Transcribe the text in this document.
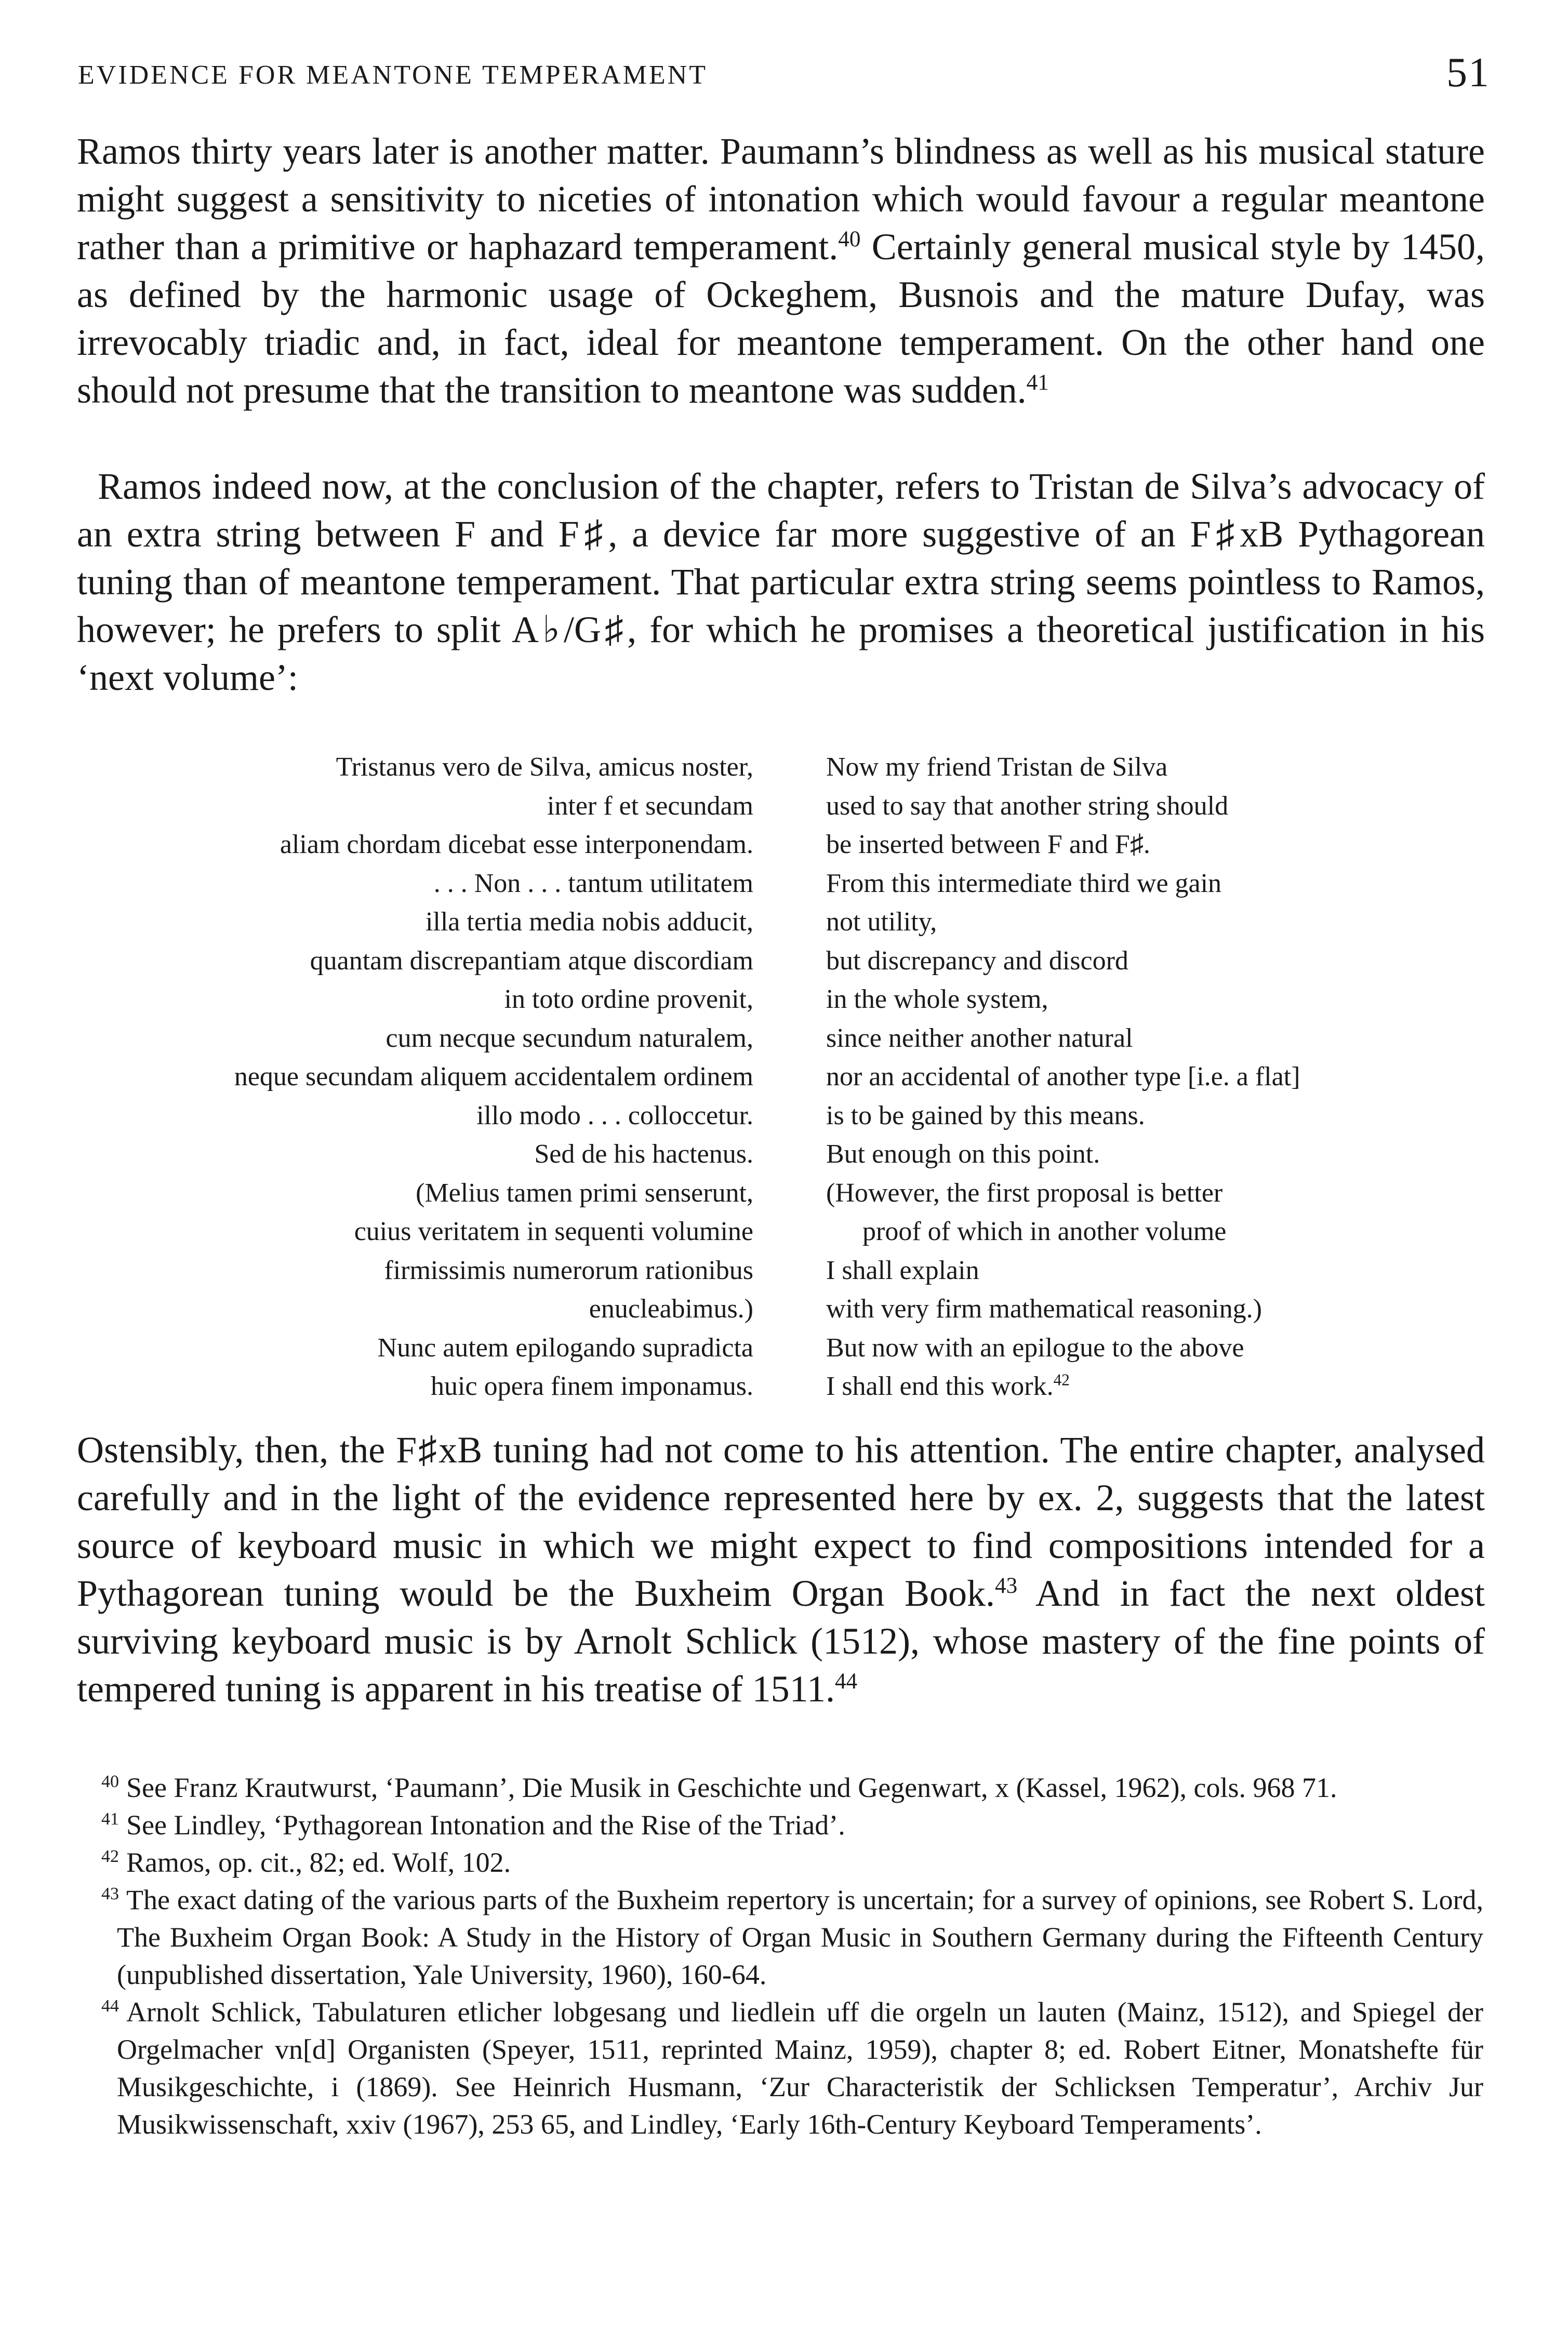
EVIDENCE FOR MEANTONE TEMPERAMENT	51

Ramos thirty years later is another matter. Paumann’s blindness as well as his musical stature might suggest a sensitivity to niceties of intonation which would favour a regular meantone rather than a primitive or haphazard temperament.$^{40}$ Certainly general musical style by 1450, as defined by the harmonic usage of Ockeghem, Busnois and the mature Dufay, was irrevocably triadic and, in fact, ideal for meantone temperament. On the other hand one should not presume that the transition to meantone was sudden.$^{41}$

Ramos indeed now, at the conclusion of the chapter, refers to Tristan de Silva’s advocacy of an extra string between F and F♯, a device far more suggestive of an F♯xB Pythagorean tuning than of meantone temperament. That particular extra string seems pointless to Ramos, however; he prefers to split A♭/G♯, for which he promises a theoretical justification in his ‘next volume’:

Tristanus vero de Silva, amicus noster,
inter f et secundam
aliam chordam dicebat esse interponendam.
. . . Non . . . tantum utilitatem
illa tertia media nobis adducit,
quantam discrepantiam atque discordiam
in toto ordine provenit,
cum necque secundum naturalem,
neque secundam aliquem accidentalem ordinem
illo modo . . . colloccetur.
Sed de his hactenus.
(Melius tamen primi senserunt,
cuius veritatem in sequenti volumine
firmissimis numerorum rationibus
enucleabimus.)
Nunc autem epilogando supradicta
huic opera finem imponamus.
Now my friend Tristan de Silva
used to say that another string should
be inserted between F and F♯.
From this intermediate third we gain
not utility,
but discrepancy and discord
in the whole system,
since neither another natural
nor an accidental of another type [i.e. a flat]
is to be gained by this means.
But enough on this point.
(However, the first proposal is better
proof of which in another volume
I shall explain
with very firm mathematical reasoning.)
But now with an epilogue to the above
I shall end this work.$^{42}$

Ostensibly, then, the F♯xB tuning had not come to his attention. The entire chapter, analysed carefully and in the light of the evidence represented here by ex. 2, suggests that the latest source of keyboard music in which we might expect to find compositions intended for a Pythagorean tuning would be the Buxheim Organ Book.$^{43}$ And in fact the next oldest surviving keyboard music is by Arnolt Schlick (1512), whose mastery of the fine points of tempered tuning is apparent in his treatise of 1511.44

$^{40}$ See Franz Krautwurst, ‘Paumann’, Die Musik in Geschichte und Gegenwart, x (Kassel, 1962), cols. 968 71.

$^{41}$ See Lindley, ‘Pythagorean Intonation and the Rise of the Triad’.

$^{42}$ Ramos, op. cit., 82; ed. Wolf, 102.

$^{43}$ The exact dating of the various parts of the Buxheim repertory is uncertain; for a survey of opinions, see Robert S. Lord, The Buxheim Organ Book: A Study in the History of Organ Music in Southern Germany during the Fifteenth Century (unpublished dissertation, Yale University, 1960), 160-64.

$^{44}$ Arnolt Schlick, Tabulaturen etlicher lobgesang und liedlein uff die orgeln un lauten (Mainz, 1512), and Spiegel der Orgelmacher vn[d] Organisten (Speyer, 1511, reprinted Mainz, 1959), chapter 8; ed. Robert Eitner, Monatshefte für Musikgeschichte, i (1869). See Heinrich Husmann, ‘Zur Characteristik der Schlicksen Temperatur’, Archiv Jur Musikwissenschaft, xxiv (1967), 253 65, and Lindley, ‘Early 16th-Century Keyboard Temperaments’.
